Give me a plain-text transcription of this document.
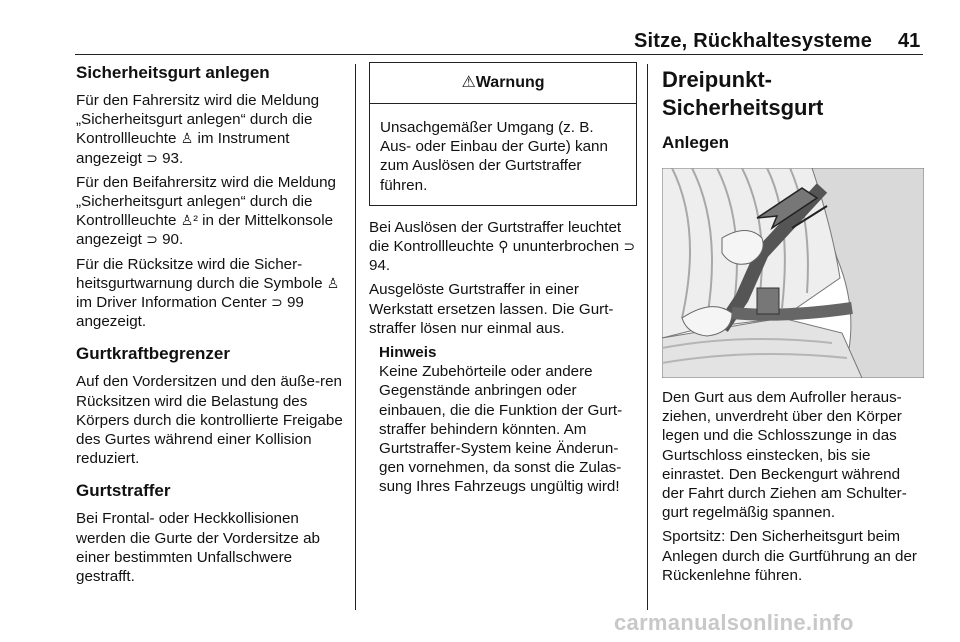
Sitze, Rückhaltesysteme 41
Sicherheitsgurt anlegen

Für den Fahrersitz wird die Meldung „Sicherheitsgurt anlegen“ durch die Kontrollleuchte ♙ im Instrument angezeigt ⊃ 93.

Für den Beifahrersitz wird die Meldung „Sicherheitsgurt anlegen“ durch die Kontrollleuchte ♙² in der Mittelkonsole angezeigt ⊃ 90.

Für die Rücksitze wird die Sicher-heitsgurtwarnung durch die Symbole ♙ im Driver Information Center ⊃ 99 angezeigt.

Gurtkraftbegrenzer

Auf den Vordersitzen und den äuße-ren Rücksitzen wird die Belastung des Körpers durch die kontrollierte Freigabe des Gurtes während einer Kollision reduziert.

Gurtstraffer

Bei Frontal- oder Heckkollisionen werden die Gurte der Vordersitze ab einer bestimmten Unfallschwere gestrafft.

⚠Warnung
Unsachgemäßer Umgang (z. B. Aus- oder Einbau der Gurte) kann zum Auslösen der Gurtstraffer führen.

Bei Auslösen der Gurtstraffer leuchtet die Kontrollleuchte ⚲ ununterbrochen ⊃ 94.

Ausgelöste Gurtstraffer in einer Werkstatt ersetzen lassen. Die Gurt-straffer lösen nur einmal aus.

Hinweis
Keine Zubehörteile oder andere Gegenstände anbringen oder einbauen, die die Funktion der Gurt-straffer behindern könnten. Am Gurtstraffer-System keine Änderun-gen vornehmen, da sonst die Zulas-sung Ihres Fahrzeugs ungültig wird!
Dreipunkt-Sicherheitsgurt
Anlegen

Den Gurt aus dem Aufroller heraus-ziehen, unverdreht über den Körper legen und die Schlosszunge in das Gurtschloss einstecken, bis sie einrastet. Den Beckengurt während der Fahrt durch Ziehen am Schulter-gurt regelmäßig spannen.

Sportsitz: Den Sicherheitsgurt beim Anlegen durch die Gurtführung an der Rückenlehne führen.

carmanualsonline.info
